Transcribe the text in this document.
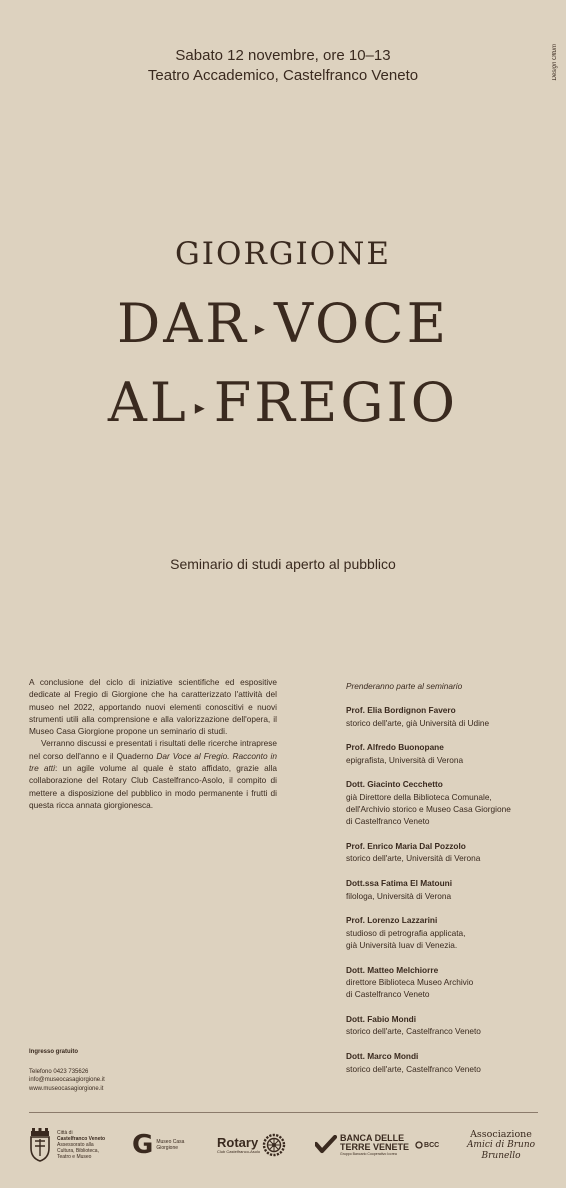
Sabato 12 novembre, ore 10–13
Teatro Accademico, Castelfranco Veneto	Design Oltum
GIORGIONE
DAR ▸ VOCE
AL ▸ FREGIO
Seminario di studi aperto al pubblico

A conclusione del ciclo di iniziative scientifiche ed espositive dedicate al Fregio di Giorgione che ha caratterizzato l'attività del museo nel 2022, apportando nuovi elementi conoscitivi e nuovi strumenti utili alla comprensione e alla valorizzazione dell'opera, il Museo Casa Giorgione propone un seminario di studi.

Verranno discussi e presentati i risultati delle ricerche intraprese nel corso dell'anno e il Quaderno Dar Voce al Fregio. Racconto in tre atti: un agile volume al quale è stato affidato, grazie alla collaborazione del Rotary Club Castelfranco-Asolo, il compito di mettere a disposizione del pubblico in modo permanente i frutti di questa ricca annata giorgionesca.

Prenderanno parte al seminario
Prof. Elia Bordignon Favero
storico dell'arte, già Università di Udine
Prof. Alfredo Buonopane
epigrafista, Università di Verona
Dott. Giacinto Cecchetto
già Direttore della Biblioteca Comunale,
dell'Archivio storico e Museo Casa Giorgione
di Castelfranco Veneto
Prof. Enrico Maria Dal Pozzolo
storico dell'arte, Università di Verona
Dott.ssa Fatima El Matouni
filologa, Università di Verona
Prof. Lorenzo Lazzarini
studioso di petrografia applicata,
già Università Iuav di Venezia.
Dott. Matteo Melchiorre
direttore Biblioteca Museo Archivio
di Castelfranco Veneto
Dott. Fabio Mondi
storico dell'arte, Castelfranco Veneto
Dott. Marco Mondi
storico dell'arte, Castelfranco Veneto
Ingresso gratuito
Telefono 0423 735626
info@museocasagiorgione.it
www.museocasagiorgione.it
Città di
Castelfranco Veneto
Assessorato alla
Cultura, Biblioteca,
Teatro e Museo	G Museo Casa
Giorgione	Rotary
Club Castelfranco-Asolo
BANCA DELLE
TERRE VENETE
Gruppo Bancario Cooperativo Iccrea
BCC
Associazione
Amici di Bruno Brunello
